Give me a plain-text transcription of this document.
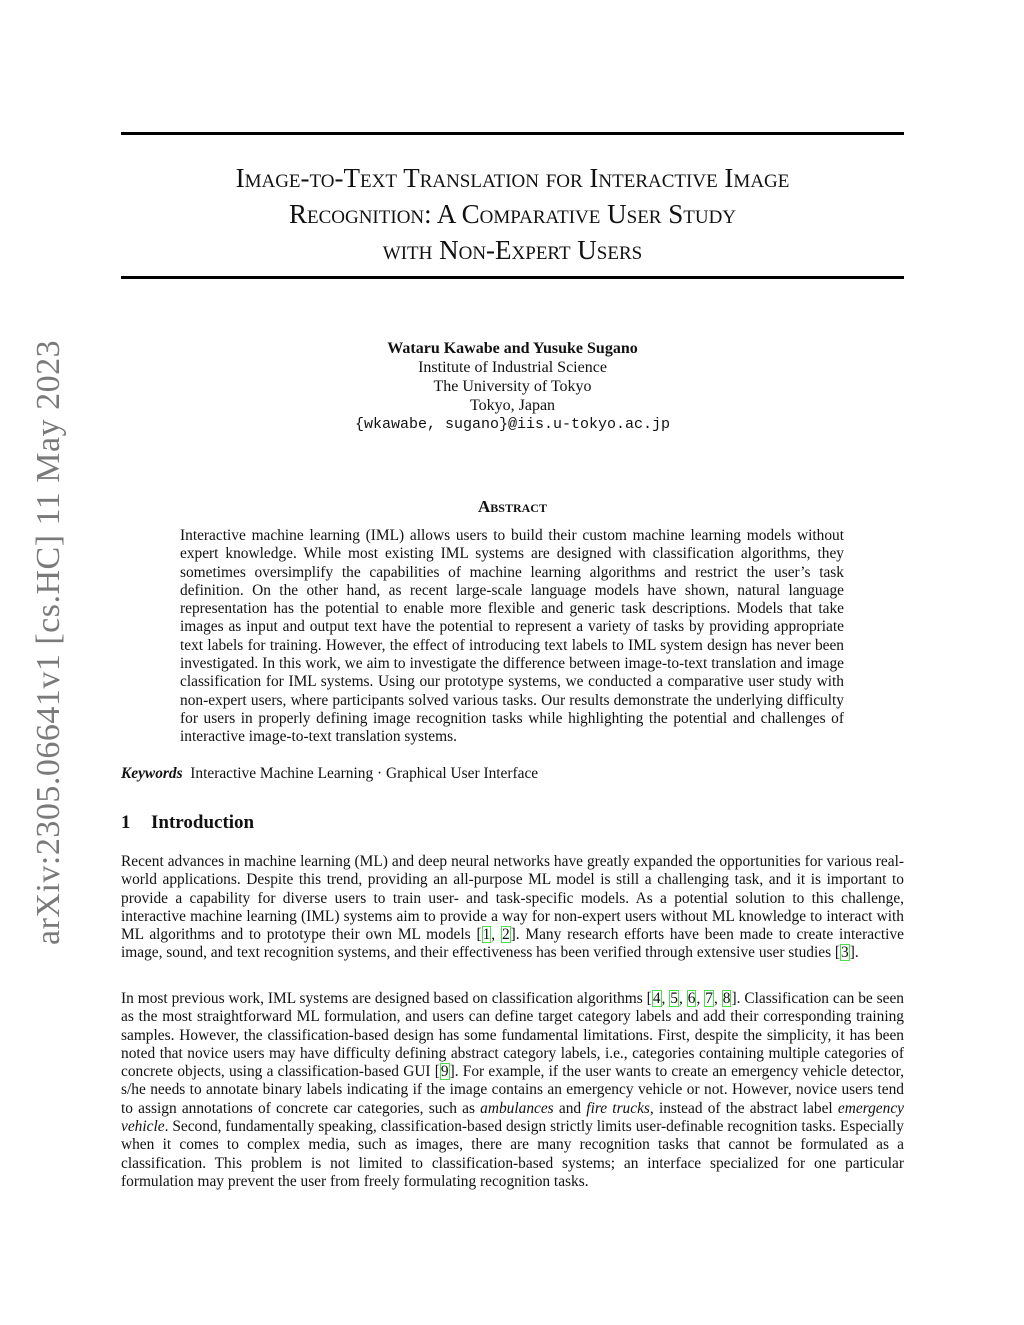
arXiv:2305.06641v1 [cs.HC] 11 May 2023
Image-to-Text Translation for Interactive Image
Recognition: A Comparative User Study
with Non-Expert Users
Wataru Kawabe and Yusuke Sugano
Institute of Industrial Science
The University of Tokyo
Tokyo, Japan
{wkawabe, sugano}@iis.u-tokyo.ac.jp
Abstract
Interactive machine learning (IML) allows users to build their custom machine learning models without expert knowledge. While most existing IML systems are designed with classification algorithms, they sometimes oversimplify the capabilities of machine learning algorithms and restrict the user’s task definition. On the other hand, as recent large-scale language models have shown, natural language representation has the potential to enable more flexible and generic task descriptions. Models that take images as input and output text have the potential to represent a variety of tasks by providing appropriate text labels for training. However, the effect of introducing text labels to IML system design has never been investigated. In this work, we aim to investigate the difference between image-to-text translation and image classification for IML systems. Using our prototype systems, we conducted a comparative user study with non-expert users, where participants solved various tasks. Our results demonstrate the underlying difficulty for users in properly defining image recognition tasks while highlighting the potential and challenges of interactive image-to-text translation systems.
Keywords Interactive Machine Learning · Graphical User Interface
1 Introduction
Recent advances in machine learning (ML) and deep neural networks have greatly expanded the opportunities for various real-world applications. Despite this trend, providing an all-purpose ML model is still a challenging task, and it is important to provide a capability for diverse users to train user- and task-specific models. As a potential solution to this challenge, interactive machine learning (IML) systems aim to provide a way for non-expert users without ML knowledge to interact with ML algorithms and to prototype their own ML models [1, 2]. Many research efforts have been made to create interactive image, sound, and text recognition systems, and their effectiveness has been verified through extensive user studies [3].
In most previous work, IML systems are designed based on classification algorithms [4, 5, 6, 7, 8]. Classification can be seen as the most straightforward ML formulation, and users can define target category labels and add their corresponding training samples. However, the classification-based design has some fundamental limitations. First, despite the simplicity, it has been noted that novice users may have difficulty defining abstract category labels, i.e., categories containing multiple categories of concrete objects, using a classification-based GUI [9]. For example, if the user wants to create an emergency vehicle detector, s/he needs to annotate binary labels indicating if the image contains an emergency vehicle or not. However, novice users tend to assign annotations of concrete car categories, such as ambulances and fire trucks, instead of the abstract label emergency vehicle. Second, fundamentally speaking, classification-based design strictly limits user-definable recognition tasks. Especially when it comes to complex media, such as images, there are many recognition tasks that cannot be formulated as a classification. This problem is not limited to classification-based systems; an interface specialized for one particular formulation may prevent the user from freely formulating recognition tasks.
